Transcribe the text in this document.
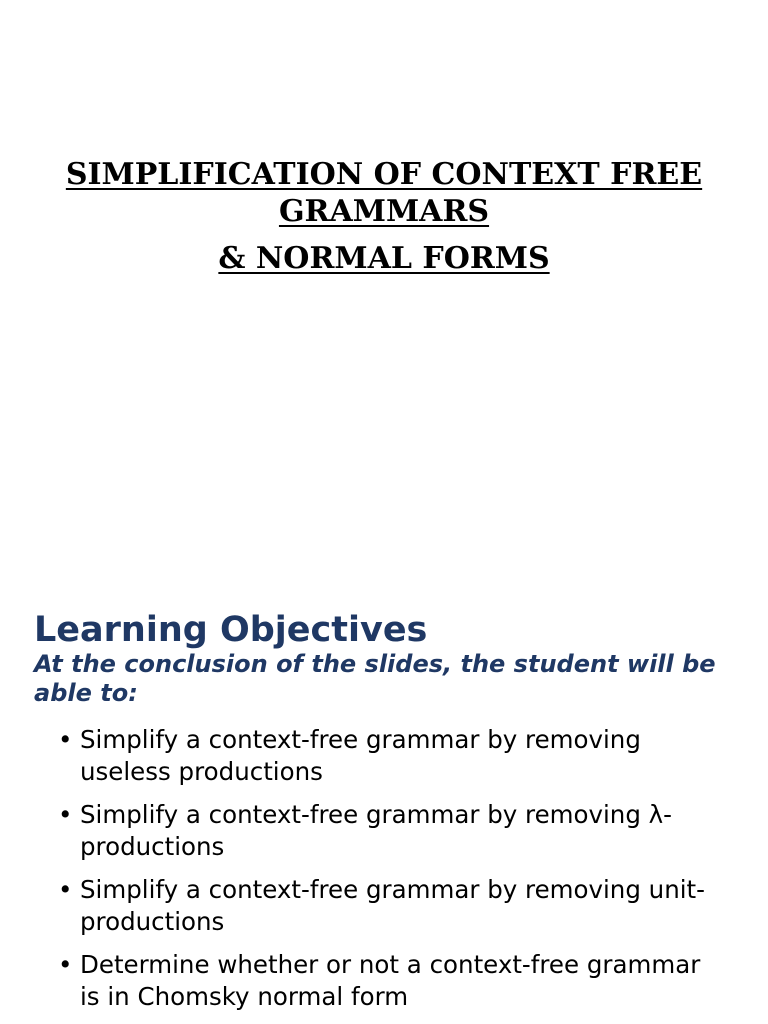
SIMPLIFICATION OF CONTEXT FREE GRAMMARS
& NORMAL FORMS
Learning Objectives
At the conclusion of the slides, the student will be able to:
• Simplify a context-free grammar by removing useless productions
• Simplify a context-free grammar by removing λ-productions
• Simplify a context-free grammar by removing unit-productions
• Determine whether or not a context-free grammar is in Chomsky normal form
